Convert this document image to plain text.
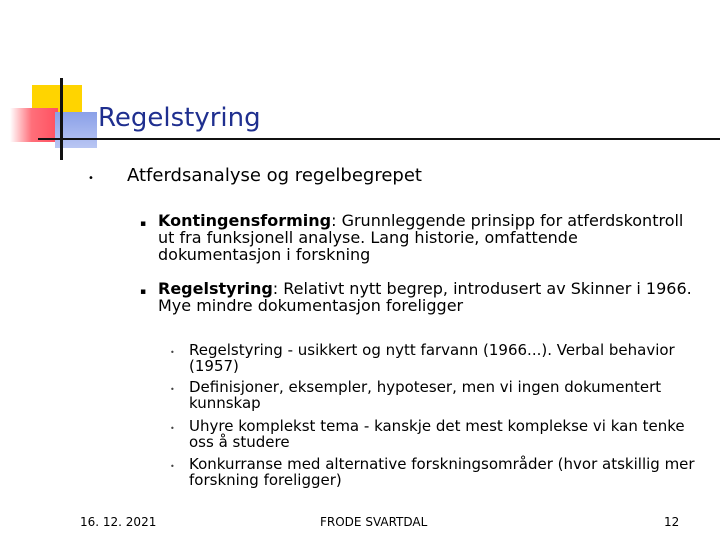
Regelstyring
• Atferdsanalyse og regelbegrepet
▪ Kontingensforming: Grunnleggende prinsipp for atferdskontroll ut fra funksjonell analyse. Lang historie, omfattende dokumentasjon i forskning
▪ Regelstyring: Relativt nytt begrep, introdusert av Skinner i 1966. Mye mindre dokumentasjon foreligger
• Regelstyring - usikkert og nytt farvann (1966...). Verbal behavior (1957)
• Definisjoner, eksempler, hypoteser, men vi ingen dokumentert kunnskap
• Uhyre komplekst tema - kanskje det mest komplekse vi kan tenke oss å studere
• Konkurranse med alternative forskningsområder (hvor atskillig mer forskning foreligger)
16. 12. 2021	FRODE SVARTDAL	12
